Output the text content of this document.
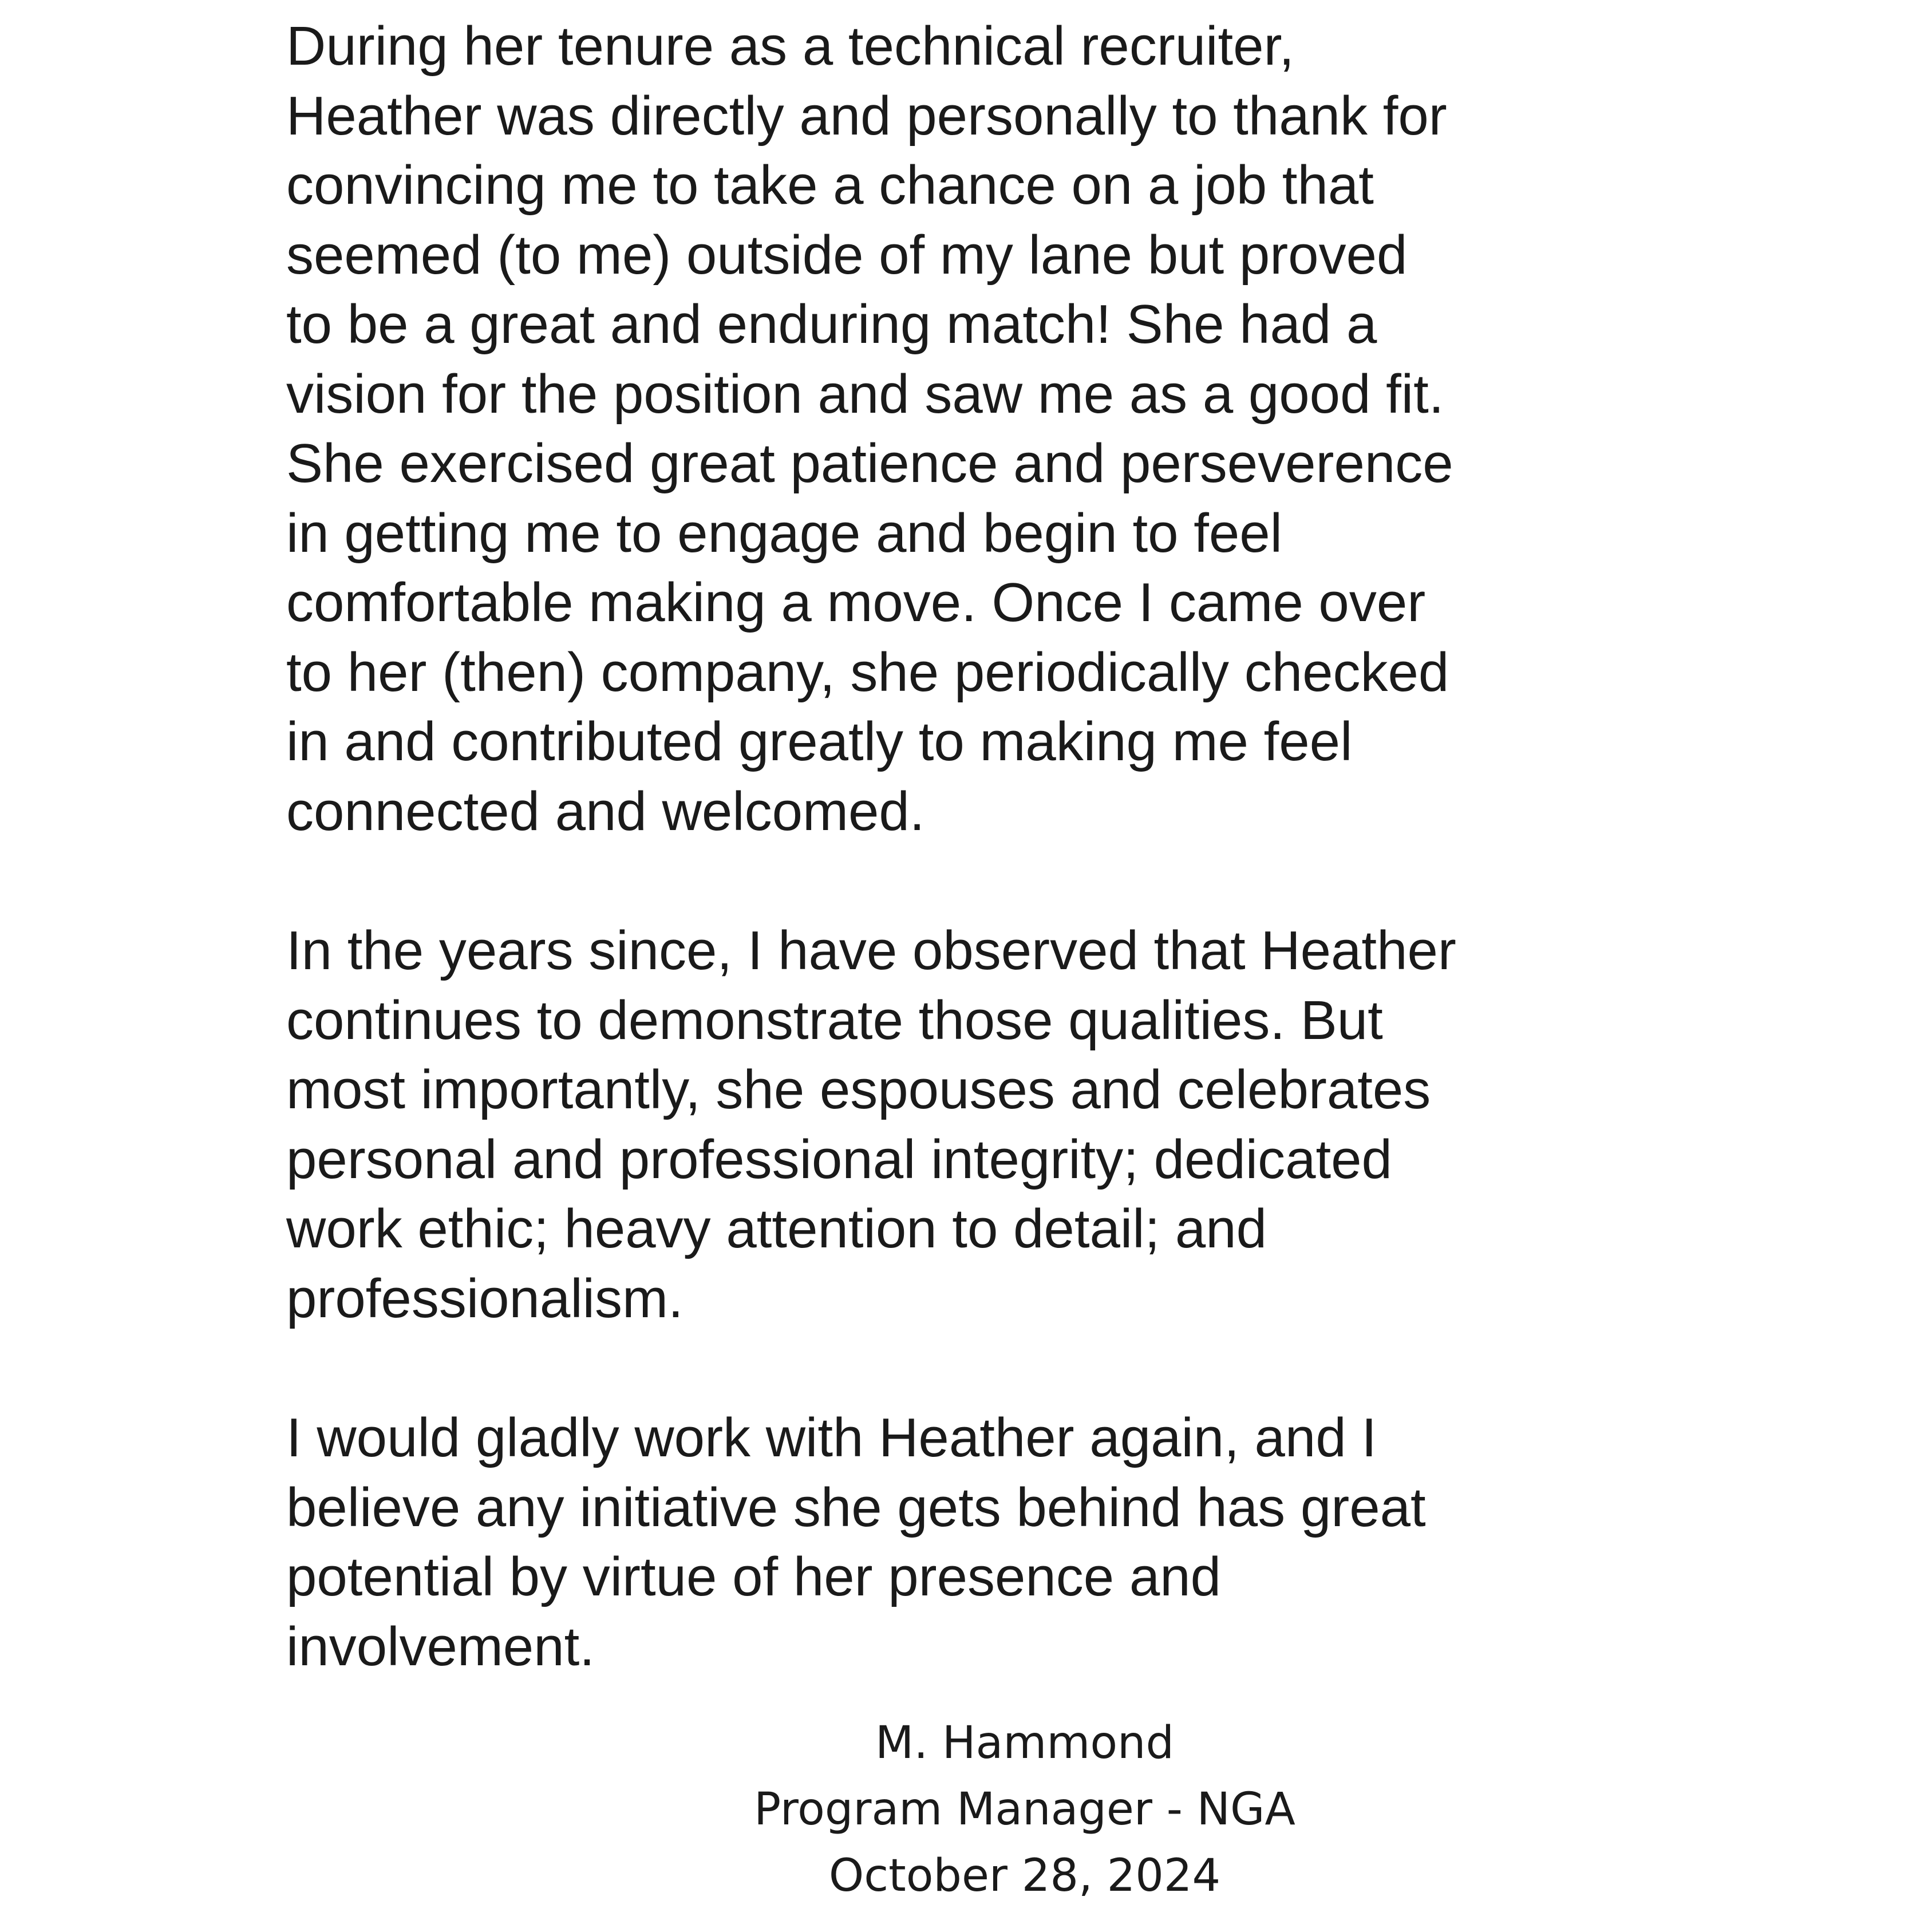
During her tenure as a technical recruiter,
Heather was directly and personally to thank for
convincing me to take a chance on a job that
seemed (to me) outside of my lane but proved
to be a great and enduring match! She had a
vision for the position and saw me as a good fit.
She exercised great patience and perseverence
in getting me to engage and begin to feel
comfortable making a move. Once I came over
to her (then) company, she periodically checked
in and contributed greatly to making me feel
connected and welcomed.

In the years since, I have observed that Heather
continues to demonstrate those qualities. But
most importantly, she espouses and celebrates
personal and professional integrity; dedicated
work ethic; heavy attention to detail; and
professionalism.

I would gladly work with Heather again, and I
believe any initiative she gets behind has great
potential by virtue of her presence and
involvement.

M. Hammond
Program Manager - NGA
October 28, 2024
